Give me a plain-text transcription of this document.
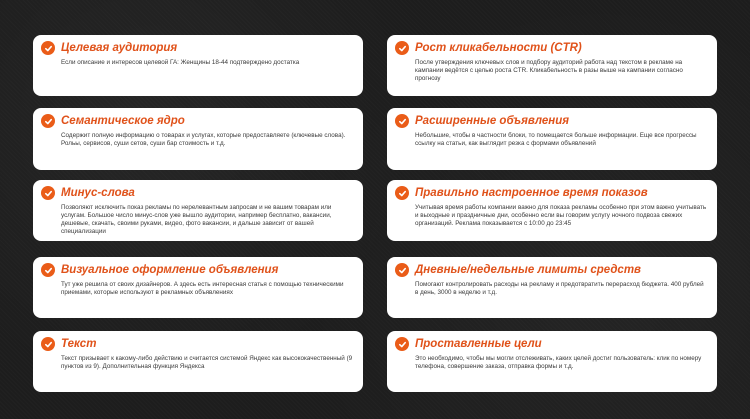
Целевая аудитория
Если описание и интересов целевой ГА: Женщины 18-44 подтверждено достатка
Семантическое ядро
Содержит полную информацию о товарах и услугах, которые предоставляете (ключевые слова). Рольы, сервисов, суши сетов, суши бар стоимость и т.д.
Минус-слова
Позволяют исключить показ рекламы по нерелевантным запросам и не вашим товарам или услугам. Большое число минус-слов уже вышло аудитории, например бесплатно, вакансии, дешевые, скачать, своими руками, видео, фото вакансии, и дальше зависит от вашей специализации
Визуальное оформление объявления
Тут уже решила от своих дизайнеров. А здесь есть интересная статья с помощью техническими приемами, которые используют в рекламных объявлениях
Текст
Текст призывает к какому-либо действию и считается системой Яндекс как высококачественный (9 пунктов из 9). Дополнительная функция Яндекса
Рост кликабельности (CTR)
После утверждения ключевых слов и подбору аудиторий работа над текстом в рекламе на кампании ведётся с целью роста CTR. Кликабельность в разы выше на кампании согласно прогнозу
Расширенные объявления
Небольшие, чтобы в частности блоки, то помещается больше информации. Еще все прогрессы ссылку на статьи, как выглядит резка с формами объявлений
Правильно настроенное время показов
Учитывая время работы компании важно для показа рекламы особенно при этом важно учитывать и выходные и праздничные дни, особенно если вы говорим услугу ночного подвоза свежих организаций. Реклама показывается с 10:00 до 23:45
Дневные/недельные лимиты средств
Помогают контролировать расходы на рекламу и предотвратить перерасход бюджета. 400 рублей в день, 3000 в неделю и т.д.
Проставленные цели
Это необходимо, чтобы мы могли отслеживать, каких целей достиг пользователь: клик по номеру телефона, совершение заказа, отправка формы и т.д.
